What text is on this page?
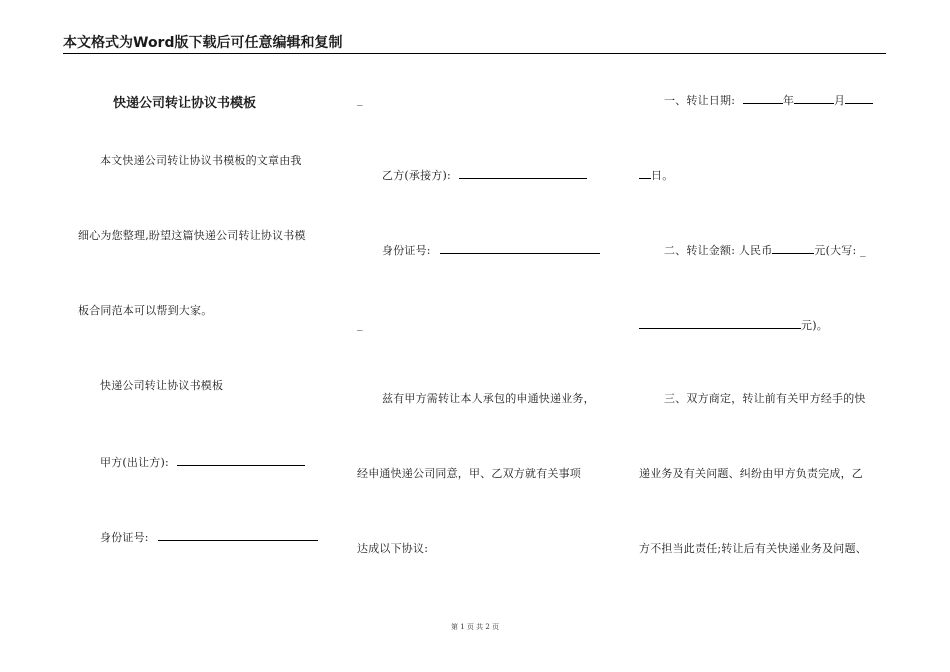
本文格式为Word版下载后可任意编辑和复制
快递公司转让协议书模板
本文快递公司转让协议书模板的文章由我
细心为您整理,盼望这篇快递公司转让协议书模
板合同范本可以帮到大家。
快递公司转让协议书模板
甲方(出让方):
身份证号:
_
乙方(承接方):
身份证号:
_
兹有甲方需转让本人承包的申通快递业务，
经申通快递公司同意，甲、乙双方就有关事项
达成以下协议:
一、转让日期:	年	月
日。
二、转让金额: 人民币	元(大写: _
元)。
三、双方商定，转让前有关甲方经手的快
递业务及有关问题、纠纷由甲方负责完成，乙
方不担当此责任;转让后有关快递业务及问题、
第 1 页 共 2 页
